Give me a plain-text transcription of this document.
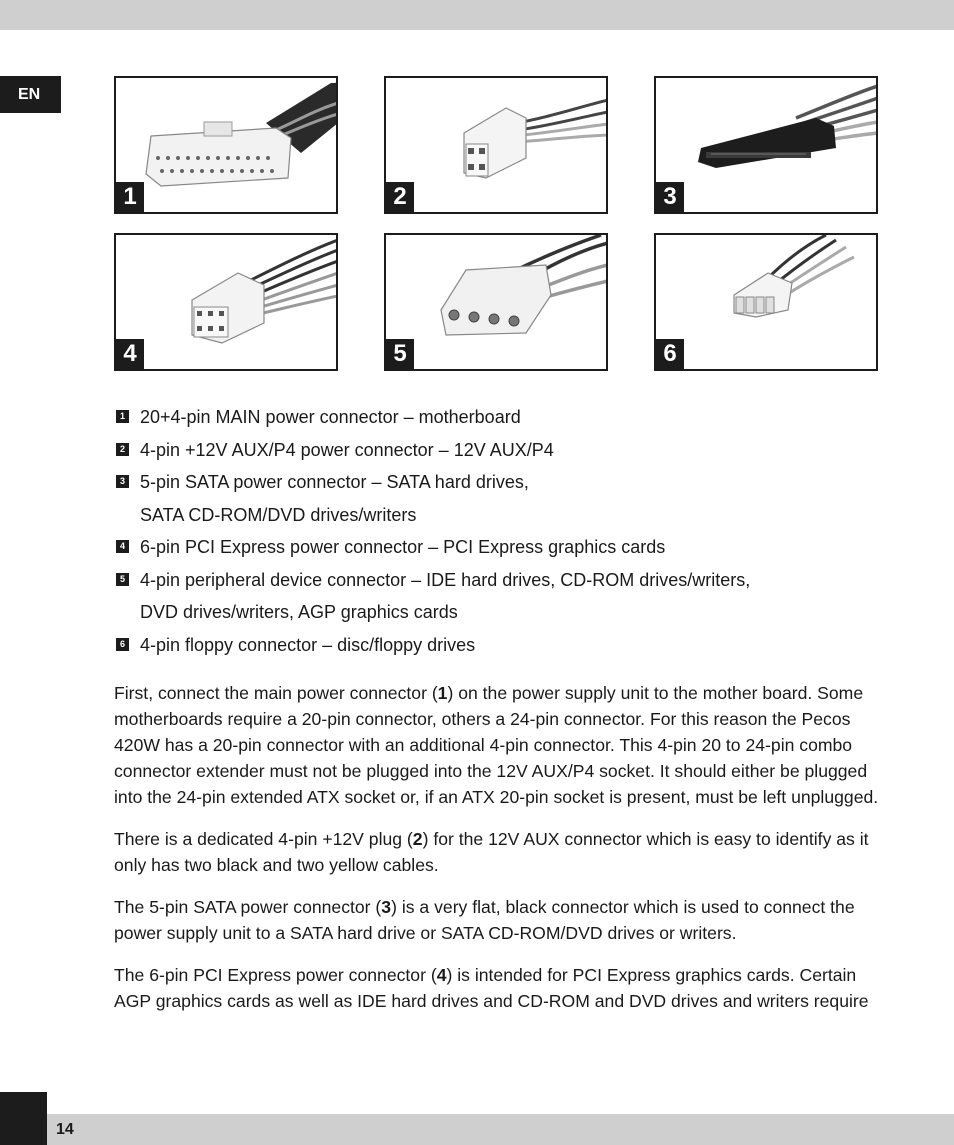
EN
1	2	3
4	5	6
1 20+4-pin MAIN power connector – motherboard
2 4-pin +12V AUX/P4 power connector – 12V AUX/P4
3 5-pin SATA power connector – SATA hard drives,
SATA CD-ROM/DVD drives/writers
4 6-pin PCI Express power connector – PCI Express graphics cards
5 4-pin peripheral device connector – IDE hard drives, CD-ROM drives/writers,
DVD drives/writers, AGP graphics cards
6 4-pin floppy connector – disc/floppy drives

First, connect the main power connector (1) on the power supply unit to the mother board. Some motherboards require a 20-pin connector, others a 24-pin connector. For this reason the Pecos 420W has a 20-pin connector with an additional 4-pin connector. This 4-pin 20 to 24-pin combo connector extender must not be plugged into the 12V AUX/P4 socket. It should either be plugged into the 24-pin extended ATX socket or, if an ATX 20-pin socket is present, must be left unplugged.

There is a dedicated 4-pin +12V plug (2) for the 12V AUX connector which is easy to identify as it only has two black and two yellow cables.

The 5-pin SATA power connector (3) is a very flat, black connector which is used to connect the power supply unit to a SATA hard drive or SATA CD-ROM/DVD drives or writers.

The 6-pin PCI Express power connector (4) is intended for PCI Express graphics cards. Certain AGP graphics cards as well as IDE hard drives and CD-ROM and DVD drives and writers require

14
